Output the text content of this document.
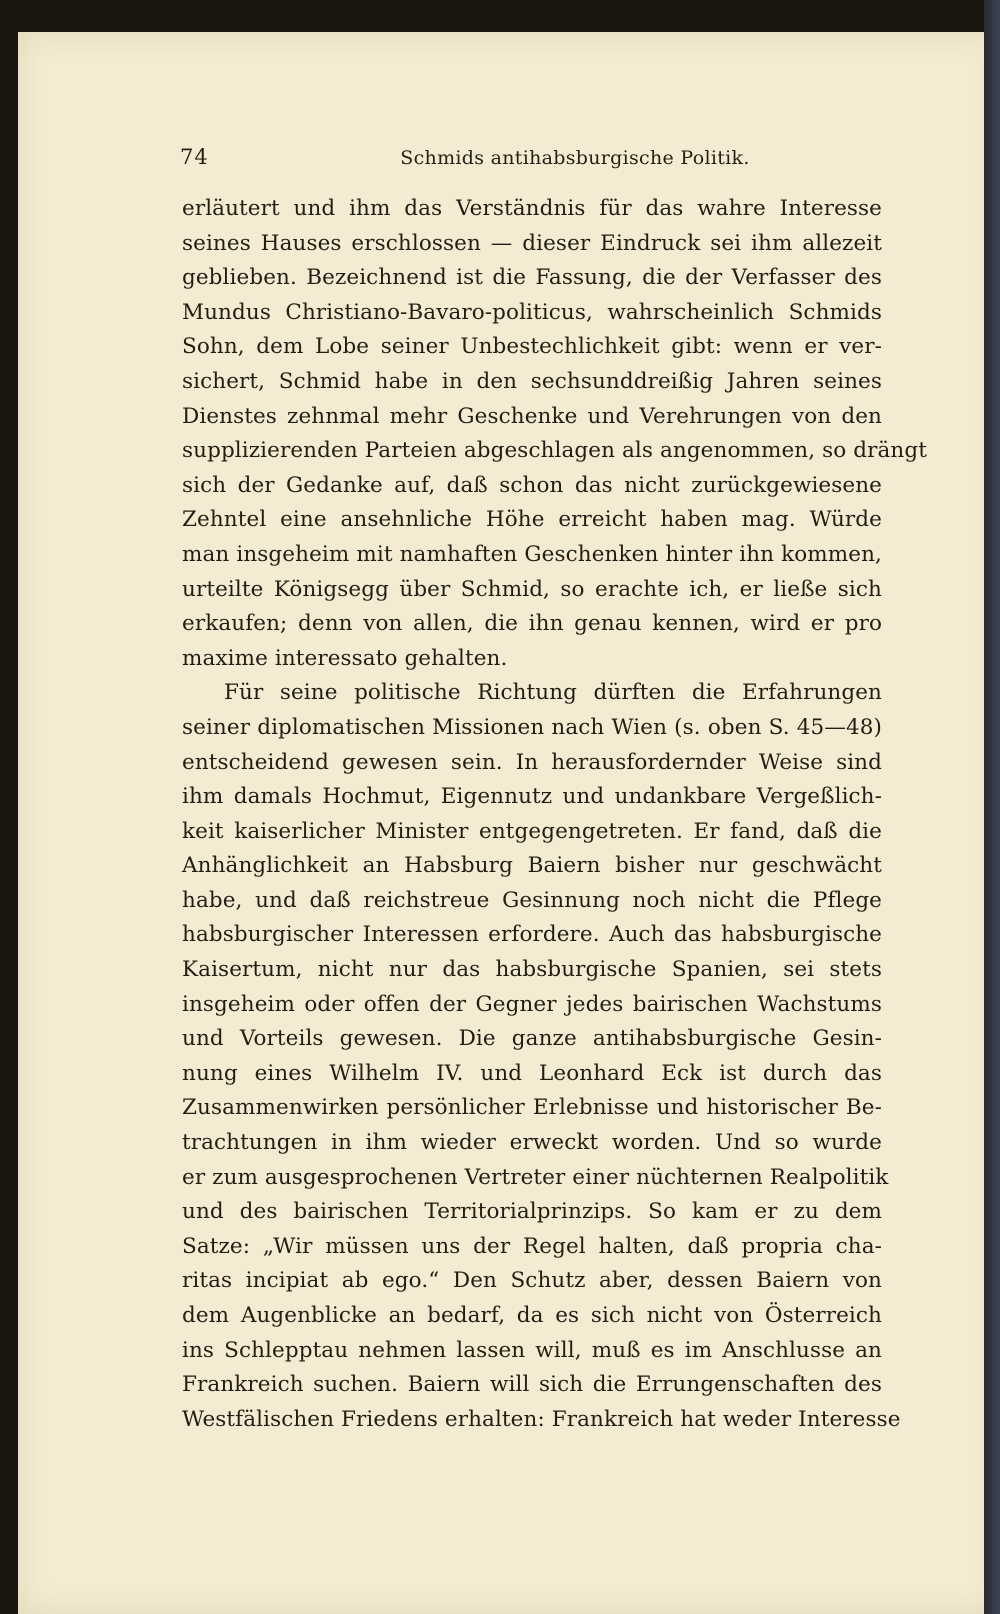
74	Schmids antihabsburgische Politik.
erläutert und ihm das Verständnis für das wahre Interesse
seines Hauses erschlossen — dieser Eindruck sei ihm allezeit
geblieben. Bezeichnend ist die Fassung, die der Verfasser des
Mundus Christiano-Bavaro-politicus, wahrscheinlich Schmids
Sohn, dem Lobe seiner Unbestechlichkeit gibt: wenn er ver-
sichert, Schmid habe in den sechsunddreißig Jahren seines
Dienstes zehnmal mehr Geschenke und Verehrungen von den
supplizierenden Parteien abgeschlagen als angenommen, so drängt
sich der Gedanke auf, daß schon das nicht zurückgewiesene
Zehntel eine ansehnliche Höhe erreicht haben mag. Würde
man insgeheim mit namhaften Geschenken hinter ihn kommen,
urteilte Königsegg über Schmid, so erachte ich, er ließe sich
erkaufen; denn von allen, die ihn genau kennen, wird er pro
maxime interessato gehalten.
Für seine politische Richtung dürften die Erfahrungen
seiner diplomatischen Missionen nach Wien (s. oben S. 45—48)
entscheidend gewesen sein. In herausfordernder Weise sind
ihm damals Hochmut, Eigennutz und undankbare Vergeßlich-
keit kaiserlicher Minister entgegengetreten. Er fand, daß die
Anhänglichkeit an Habsburg Baiern bisher nur geschwächt
habe, und daß reichstreue Gesinnung noch nicht die Pflege
habsburgischer Interessen erfordere. Auch das habsburgische
Kaisertum, nicht nur das habsburgische Spanien, sei stets
insgeheim oder offen der Gegner jedes bairischen Wachstums
und Vorteils gewesen. Die ganze antihabsburgische Gesin-
nung eines Wilhelm IV. und Leonhard Eck ist durch das
Zusammenwirken persönlicher Erlebnisse und historischer Be-
trachtungen in ihm wieder erweckt worden. Und so wurde
er zum ausgesprochenen Vertreter einer nüchternen Realpolitik
und des bairischen Territorialprinzips. So kam er zu dem
Satze: „Wir müssen uns der Regel halten, daß propria cha-
ritas incipiat ab ego.“ Den Schutz aber, dessen Baiern von
dem Augenblicke an bedarf, da es sich nicht von Österreich
ins Schlepptau nehmen lassen will, muß es im Anschlusse an
Frankreich suchen. Baiern will sich die Errungenschaften des
Westfälischen Friedens erhalten: Frankreich hat weder Interesse
